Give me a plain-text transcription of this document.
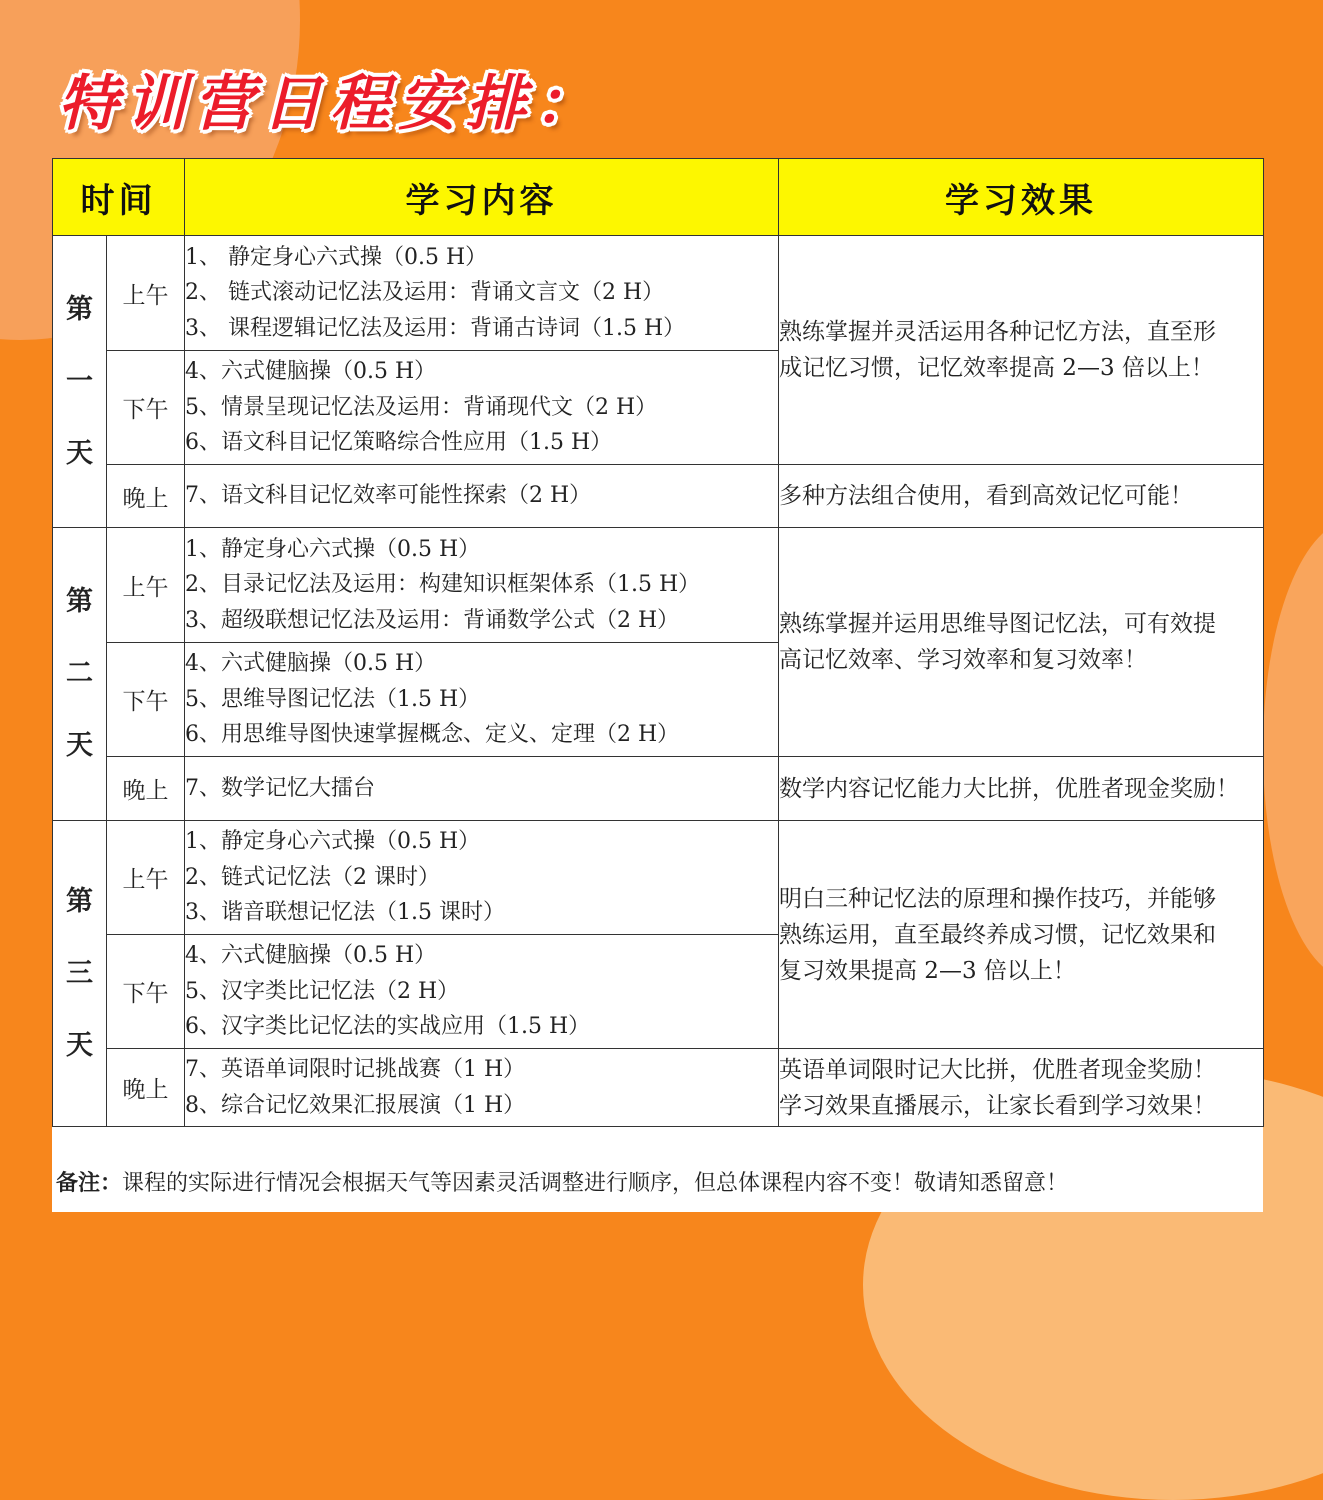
特训营日程安排：
时间		学习内容	学习效果

第
一
天	上午	1、 静定身心六式操（0.5 H）
2、 链式滚动记忆法及运用：背诵文言文（2 H）
3、 课程逻辑记忆法及运用：背诵古诗词（1.5 H）	熟练掌握并灵活运用各种记忆方法，直至形
成记忆习惯，记忆效率提高 2—3 倍以上！

	下午	4、六式健脑操（0.5 H）
5、情景呈现记忆法及运用：背诵现代文（2 H）
6、语文科目记忆策略综合性应用（1.5 H）	

	晚上	7、语文科目记忆效率可能性探索（2 H）	多种方法组合使用，看到高效记忆可能！

第
二
天	上午	1、静定身心六式操（0.5 H）
2、目录记忆法及运用：构建知识框架体系（1.5 H）
3、超级联想记忆法及运用：背诵数学公式（2 H）	熟练掌握并运用思维导图记忆法，可有效提
高记忆效率、学习效率和复习效率！

	下午	4、六式健脑操（0.5 H）
5、思维导图记忆法（1.5 H）
6、用思维导图快速掌握概念、定义、定理（2 H）	

	晚上	7、数学记忆大擂台	数学内容记忆能力大比拼，优胜者现金奖励！

第
三
天	上午	1、静定身心六式操（0.5 H）
2、链式记忆法（2 课时）
3、谐音联想记忆法（1.5 课时）	明白三种记忆法的原理和操作技巧，并能够
熟练运用，直至最终养成习惯，记忆效果和
复习效果提高 2—3 倍以上！

	下午	4、六式健脑操（0.5 H）
5、汉字类比记忆法（2 H）
6、汉字类比记忆法的实战应用（1.5 H）	

	晚上	7、英语单词限时记挑战赛（1 H）
8、综合记忆效果汇报展演（1 H）	英语单词限时记大比拼，优胜者现金奖励！
学习效果直播展示，让家长看到学习效果！
备注：课程的实际进行情况会根据天气等因素灵活调整进行顺序，但总体课程内容不变！敬请知悉留意！
